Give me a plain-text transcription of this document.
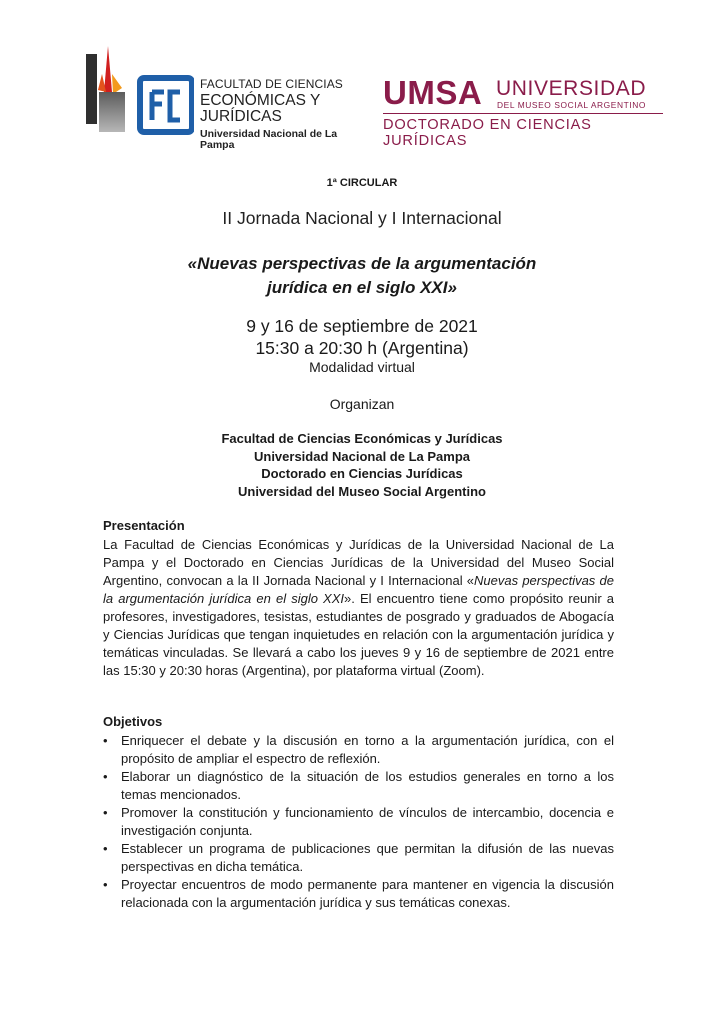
FACULTAD DE CIENCIAS
ECONÓMICAS Y JURÍDICAS
Universidad Nacional de La Pampa
UMSA UNIVERSIDAD
DEL MUSEO SOCIAL ARGENTINO
DOCTORADO EN CIENCIAS JURÍDICAS
1ª CIRCULAR
II Jornada Nacional y I Internacional
«Nuevas perspectivas de la argumentación
jurídica en el siglo XXI»
9 y 16 de septiembre de 2021
15:30 a 20:30 h (Argentina)
Modalidad virtual
Organizan
Facultad de Ciencias Económicas y Jurídicas
Universidad Nacional de La Pampa
Doctorado en Ciencias Jurídicas
Universidad del Museo Social Argentino
Presentación

La Facultad de Ciencias Económicas y Jurídicas de la Universidad Nacional de La Pampa y el Doctorado en Ciencias Jurídicas de la Universidad del Museo Social Argentino, convocan a la II Jornada Nacional y I Internacional «Nuevas perspectivas de la argumentación jurídica en el siglo XXI». El encuentro tiene como propósito reunir a profesores, investigadores, tesistas, estudiantes de posgrado y graduados de Abogacía y Ciencias Jurídicas que tengan inquietudes en relación con la argumentación jurídica y temáticas vinculadas. Se llevará a cabo los jueves 9 y 16 de septiembre de 2021 entre las 15:30 y 20:30 horas (Argentina), por plataforma virtual (Zoom).

Objetivos
• Enriquecer el debate y la discusión en torno a la argumentación jurídica, con el propósito de ampliar el espectro de reflexión.
• Elaborar un diagnóstico de la situación de los estudios generales en torno a los temas mencionados.
• Promover la constitución y funcionamiento de vínculos de intercambio, docencia e investigación conjunta.
• Establecer un programa de publicaciones que permitan la difusión de las nuevas perspectivas en dicha temática.
• Proyectar encuentros de modo permanente para mantener en vigencia la discusión relacionada con la argumentación jurídica y sus temáticas conexas.
